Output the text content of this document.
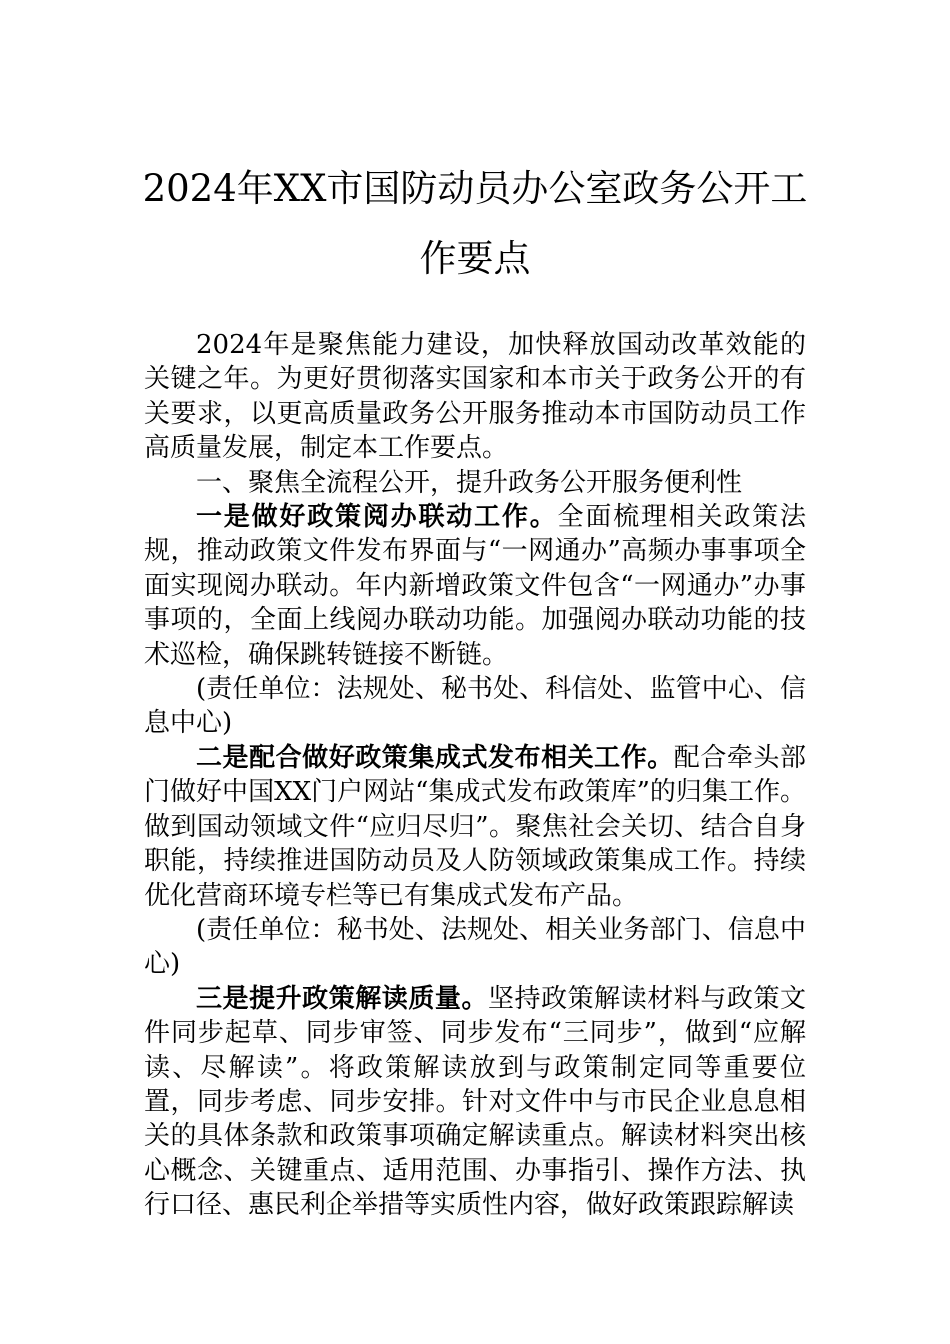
2024年XX市国防动员办公室政务公开工
作要点

2024年是聚焦能力建设，加快释放国动改革效能的关键之年。为更好贯彻落实国家和本市关于政务公开的有关要求，以更高质量政务公开服务推动本市国防动员工作高质量发展，制定本工作要点。

一、聚焦全流程公开，提升政务公开服务便利性

一是做好政策阅办联动工作。全面梳理相关政策法规，推动政策文件发布界面与“一网通办”高频办事事项全面实现阅办联动。年内新增政策文件包含“一网通办”办事事项的，全面上线阅办联动功能。加强阅办联动功能的技术巡检，确保跳转链接不断链。

(责任单位：法规处、秘书处、科信处、监管中心、信息中心)

二是配合做好政策集成式发布相关工作。配合牵头部门做好中国XX门户网站“集成式发布政策库”的归集工作。做到国动领域文件“应归尽归”。聚焦社会关切、结合自身职能，持续推进国防动员及人防领域政策集成工作。持续优化营商环境专栏等已有集成式发布产品。

(责任单位：秘书处、法规处、相关业务部门、信息中心)

三是提升政策解读质量。坚持政策解读材料与政策文件同步起草、同步审签、同步发布“三同步”，做到“应解读、尽解读”。将政策解读放到与政策制定同等重要位置，同步考虑、同步安排。针对文件中与市民企业息息相关的具体条款和政策事项确定解读重点。解读材料突出核心概念、关键重点、适用范围、办事指引、操作方法、执行口径、惠民利企举措等实质性内容，做好政策跟踪解读
